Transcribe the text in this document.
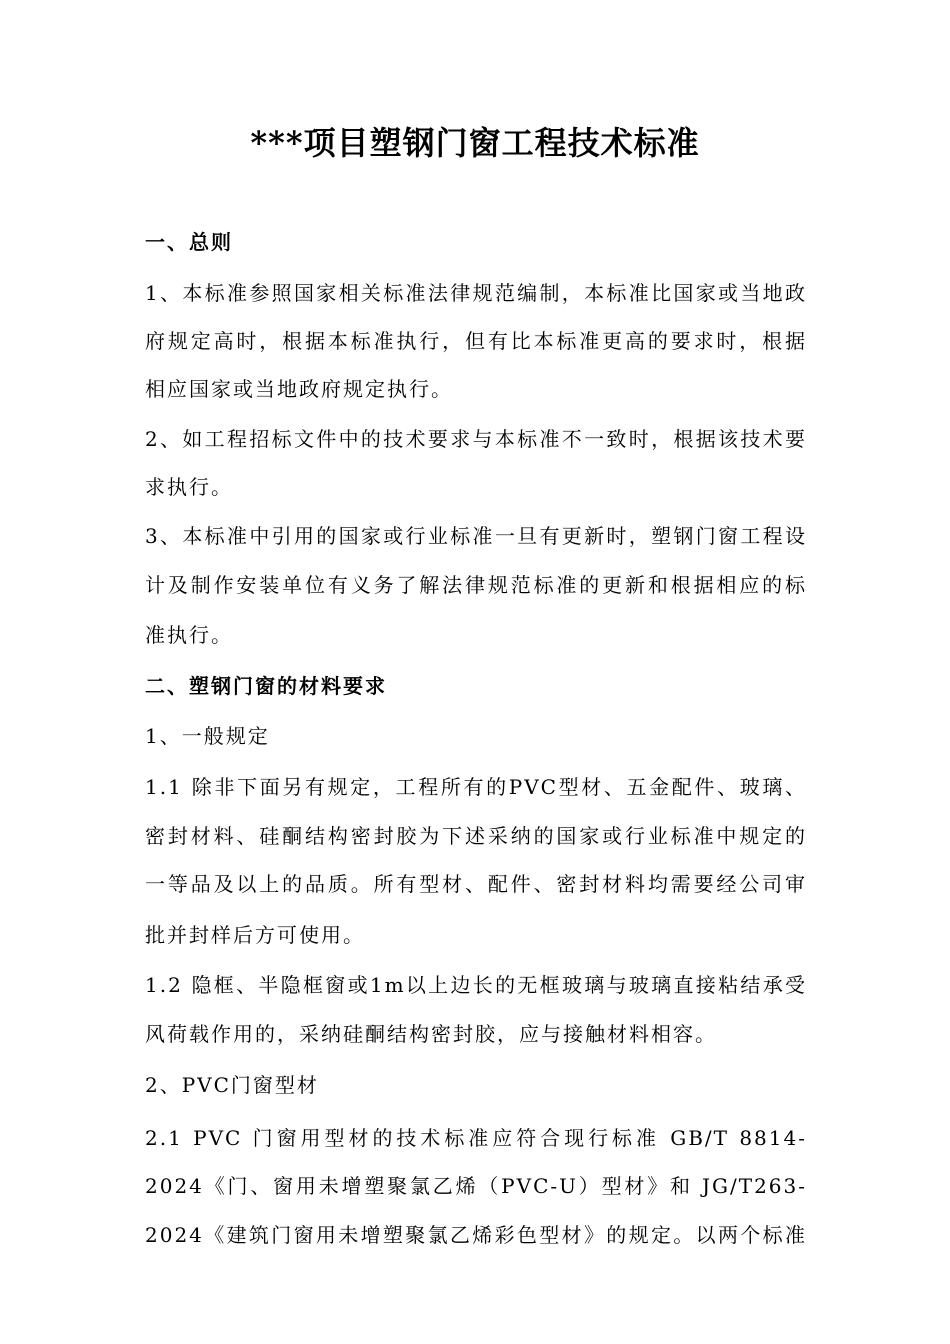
***项目塑钢门窗工程技术标准
一、总则
1、本标准参照国家相关标准法律规范编制，本标准比国家或当地政
府规定高时，根据本标准执行，但有比本标准更高的要求时，根据
相应国家或当地政府规定执行。
2、如工程招标文件中的技术要求与本标准不一致时，根据该技术要
求执行。
3、本标准中引用的国家或行业标准一旦有更新时，塑钢门窗工程设
计及制作安装单位有义务了解法律规范标准的更新和根据相应的标
准执行。
二、塑钢门窗的材料要求
1、一般规定
1.1 除非下面另有规定，工程所有的PVC型材、五金配件、玻璃、
密封材料、硅酮结构密封胶为下述采纳的国家或行业标准中规定的
一等品及以上的品质。所有型材、配件、密封材料均需要经公司审
批并封样后方可使用。
1.2 隐框、半隐框窗或1m以上边长的无框玻璃与玻璃直接粘结承受
风荷载作用的，采纳硅酮结构密封胶，应与接触材料相容。
2、PVC门窗型材
2.1 PVC 门窗用型材的技术标准应符合现行标准 GB/T 8814-
2024《门、窗用未增塑聚氯乙烯（PVC-U）型材》和 JG/T263-
2024《建筑门窗用未增塑聚氯乙烯彩色型材》的规定。以两个标准
